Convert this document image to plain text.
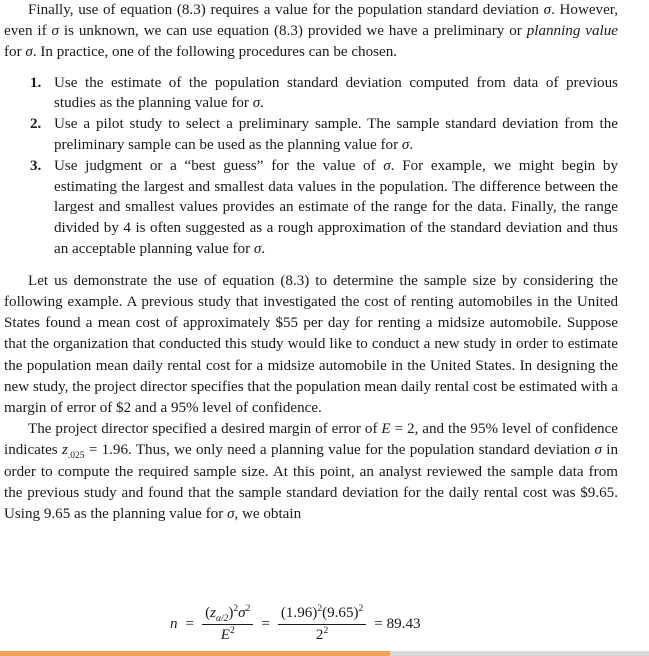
Finally, use of equation (8.3) requires a value for the population standard deviation σ. However, even if σ is unknown, we can use equation (8.3) provided we have a preliminary or planning value for σ. In practice, one of the following procedures can be chosen.

1. Use the estimate of the population standard deviation computed from data of previous studies as the planning value for σ.
2. Use a pilot study to select a preliminary sample. The sample standard deviation from the preliminary sample can be used as the planning value for σ.
3. Use judgment or a “best guess” for the value of σ. For example, we might begin by estimating the largest and smallest data values in the population. The difference between the largest and smallest values provides an estimate of the range for the data. Finally, the range divided by 4 is often suggested as a rough approximation of the standard deviation and thus an acceptable planning value for σ.

Let us demonstrate the use of equation (8.3) to determine the sample size by considering the following example. A previous study that investigated the cost of renting automobiles in the United States found a mean cost of approximately $55 per day for renting a midsize automobile. Suppose that the organization that conducted this study would like to conduct a new study in order to estimate the population mean daily rental cost for a midsize automobile in the United States. In designing the new study, the project director specifies that the population mean daily rental cost be estimated with a margin of error of $2 and a 95% level of confidence.

The project director specified a desired margin of error of E = 2, and the 95% level of confidence indicates $z_{.025} = 1.96$. Thus, we only need a planning value for the population standard deviation σ in order to compute the required sample size. At this point, an analyst reviewed the sample data from the previous study and found that the sample standard deviation for the daily rental cost was $9.65. Using 9.65 as the planning value for σ, we obtain

$n = \frac{(z_{\alpha/2})^2\sigma^2}{E^2} = \frac{(1.96)^2(9.65)^2}{2^2} = 89.43$
